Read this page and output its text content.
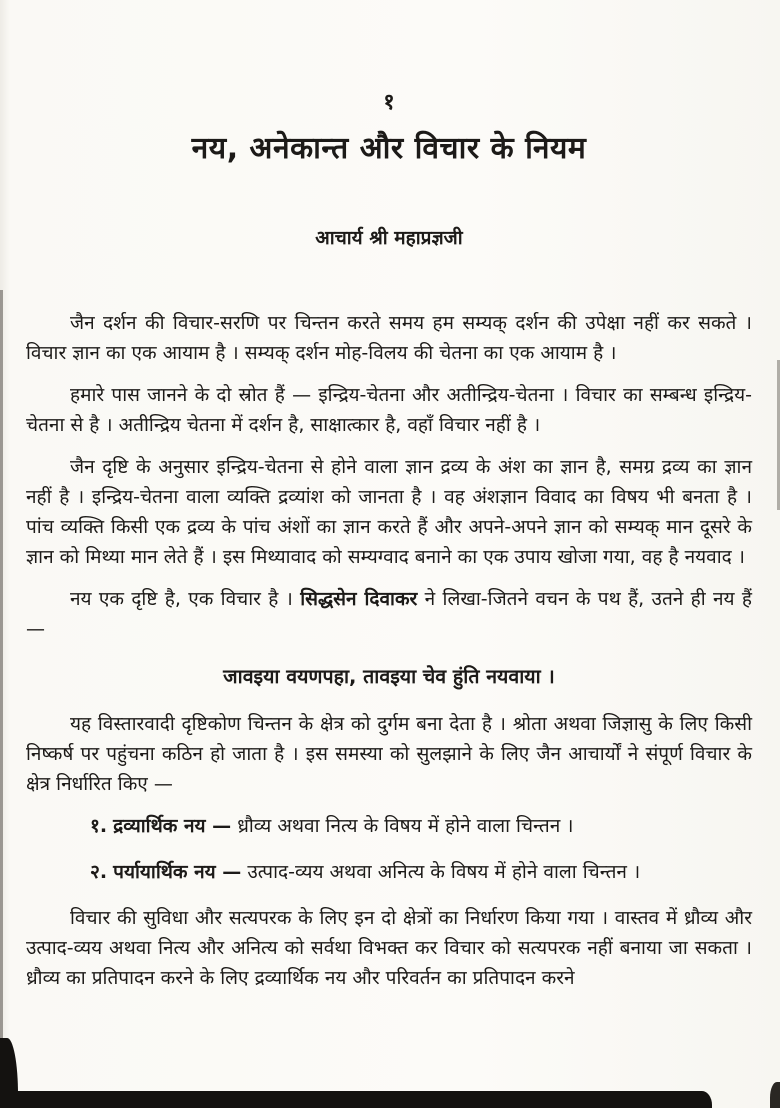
१
नय, अनेकान्त और विचार के नियम
आचार्य श्री महाप्रज्ञजी

जैन दर्शन की विचार-सरणि पर चिन्तन करते समय हम सम्यक् दर्शन की उपेक्षा नहीं कर सकते । विचार ज्ञान का एक आयाम है । सम्यक् दर्शन मोह-विलय की चेतना का एक आयाम है ।

हमारे पास जानने के दो स्रोत हैं — इन्द्रिय-चेतना और अतीन्द्रिय-चेतना । विचार का सम्बन्ध इन्द्रिय-चेतना से है । अतीन्द्रिय चेतना में दर्शन है, साक्षात्कार है, वहाँ विचार नहीं है ।

जैन दृष्टि के अनुसार इन्द्रिय-चेतना से होने वाला ज्ञान द्रव्य के अंश का ज्ञान है, समग्र द्रव्य का ज्ञान नहीं है । इन्द्रिय-चेतना वाला व्यक्ति द्रव्यांश को जानता है । वह अंशज्ञान विवाद का विषय भी बनता है । पांच व्यक्ति किसी एक द्रव्य के पांच अंशों का ज्ञान करते हैं और अपने-अपने ज्ञान को सम्यक् मान दूसरे के ज्ञान को मिथ्या मान लेते हैं । इस मिथ्यावाद को सम्यग्वाद बनाने का एक उपाय खोजा गया, वह है नयवाद ।

नय एक दृष्टि है, एक विचार है । सिद्धसेन दिवाकर ने लिखा-जितने वचन के पथ हैं, उतने ही नय हैं —

जावइया वयणपहा, तावइया चेव हुंति नयवाया ।

यह विस्तारवादी दृष्टिकोण चिन्तन के क्षेत्र को दुर्गम बना देता है । श्रोता अथवा जिज्ञासु के लिए किसी निष्कर्ष पर पहुंचना कठिन हो जाता है । इस समस्या को सुलझाने के लिए जैन आचार्यों ने संपूर्ण विचार के क्षेत्र निर्धारित किए —

१. द्रव्यार्थिक नय — ध्रौव्य अथवा नित्य के विषय में होने वाला चिन्तन ।

२. पर्यायार्थिक नय — उत्पाद-व्यय अथवा अनित्य के विषय में होने वाला चिन्तन ।

विचार की सुविधा और सत्यपरक के लिए इन दो क्षेत्रों का निर्धारण किया गया । वास्तव में ध्रौव्य और उत्पाद-व्यय अथवा नित्य और अनित्य को सर्वथा विभक्त कर विचार को सत्यपरक नहीं बनाया जा सकता । ध्रौव्य का प्रतिपादन करने के लिए द्रव्यार्थिक नय और परिवर्तन का प्रतिपादन करने
